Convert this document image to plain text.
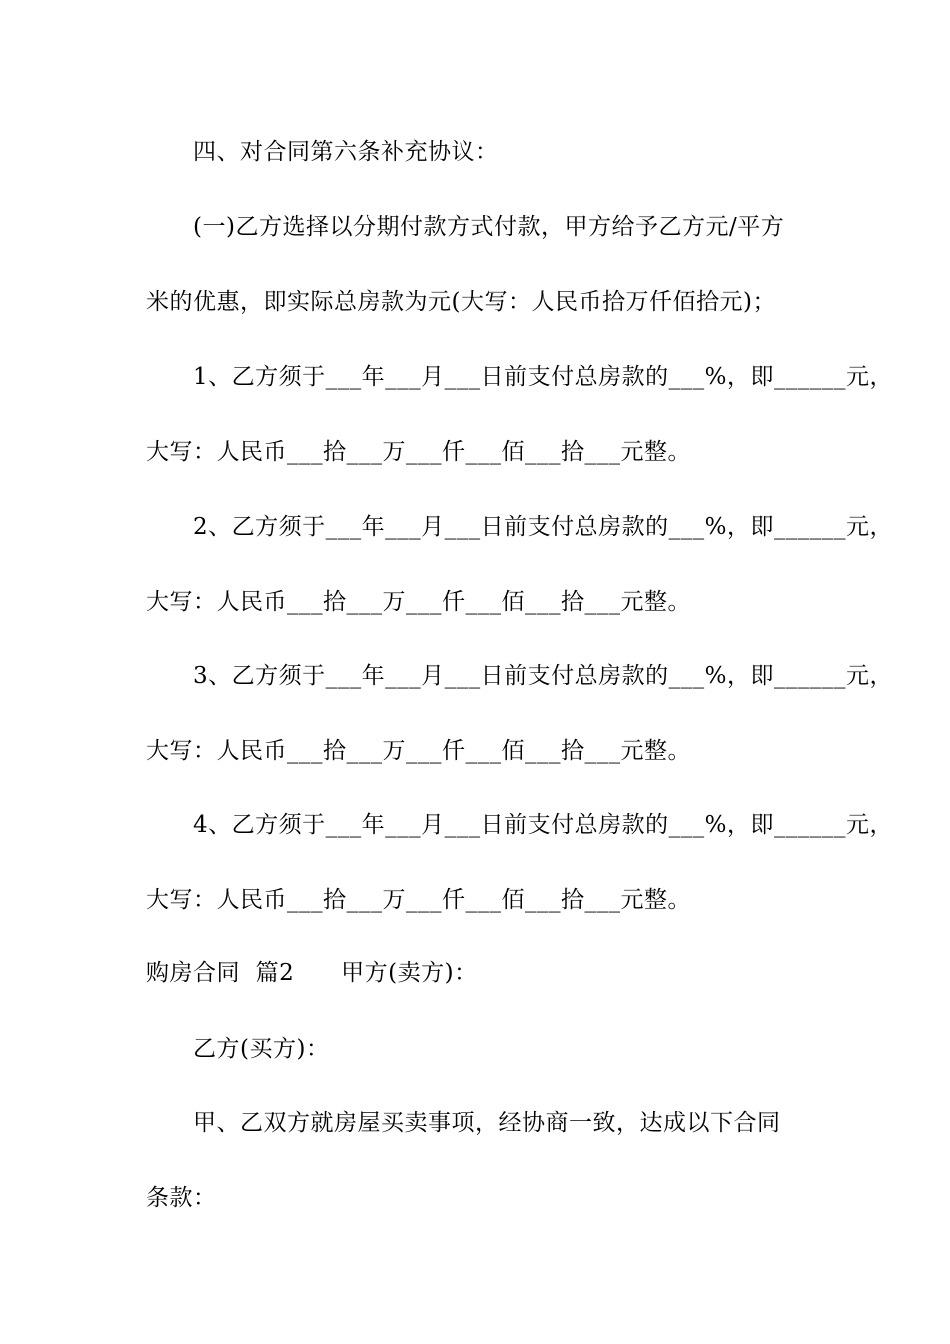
四、对合同第六条补充协议：
(一)乙方选择以分期付款方式付款，甲方给予乙方元/平方
米的优惠，即实际总房款为元(大写：人民币拾万仟佰拾元)；
1、乙方须于___年___月___日前支付总房款的___%，即______元，
大写：人民币___拾___万___仟___佰___拾___元整。
2、乙方须于___年___月___日前支付总房款的___%，即______元，
大写：人民币___拾___万___仟___佰___拾___元整。
3、乙方须于___年___月___日前支付总房款的___%，即______元，
大写：人民币___拾___万___仟___佰___拾___元整。
4、乙方须于___年___月___日前支付总房款的___%，即______元，
大写：人民币___拾___万___仟___佰___拾___元整。
购房合同  篇2      甲方(卖方)：
乙方(买方)：
甲、乙双方就房屋买卖事项，经协商一致，达成以下合同
条款：
